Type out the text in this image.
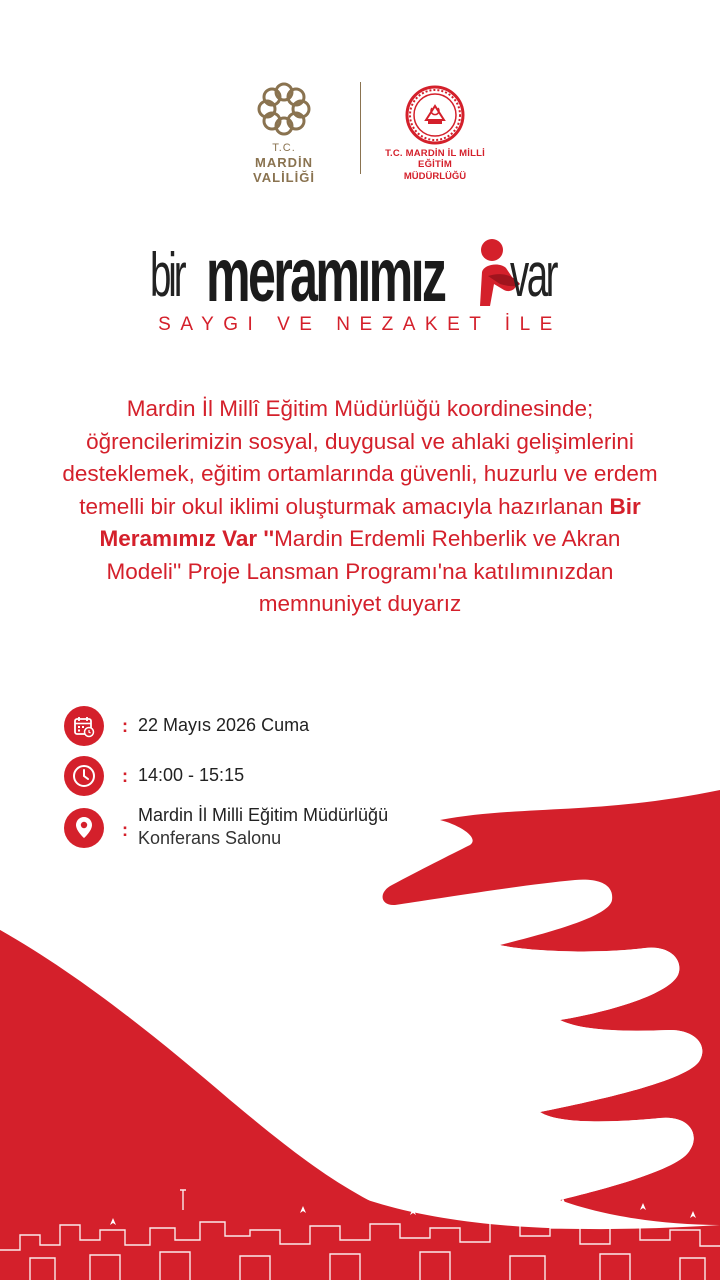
T.C.
MARDİN VALİLİĞİ
T.C. MARDİN İL MİLLİ EĞİTİM
MÜDÜRLÜĞÜ
bir meramımız var
SAYGI VE NEZAKET İLE
Mardin İl Millî Eğitim Müdürlüğü koordinesinde; öğrencilerimizin sosyal, duygusal ve ahlaki gelişimlerini desteklemek, eğitim ortamlarında güvenli, huzurlu ve erdem temelli bir okul iklimi oluşturmak amacıyla hazırlanan Bir Meramımız Var ''Mardin Erdemli Rehberlik ve Akran Modeli'' Proje Lansman Programı'na katılımınızdan memnuniyet duyarız
: 22 Mayıs 2026 Cuma
: 14:00 - 15:15
:
Mardin İl Milli Eğitim Müdürlüğü
Konferans Salonu
